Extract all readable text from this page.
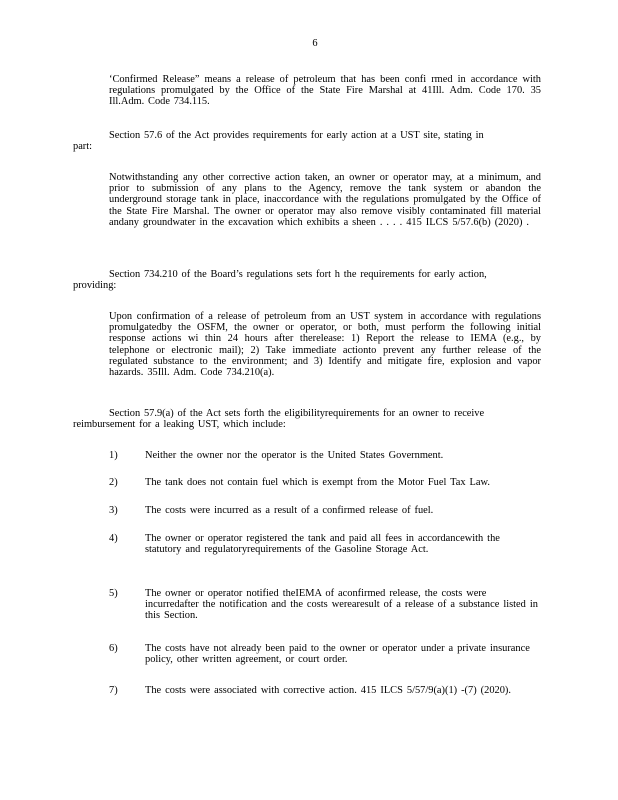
6

‘Confirmed Release” means a release of petroleum that has been confi rmed in accordance with regulations promulgated by the Office of the State Fire Marshal at 41Ill. Adm. Code 170. 35 Ill.Adm. Code 734.115.

Section 57.6 of the Act provides requirements for early action at a UST site, stating in
part:

Notwithstanding any other corrective action taken, an owner or operator may, at a minimum, and prior to submission of any plans to the Agency, remove the tank system or abandon the underground storage tank in place, inaccordance with the regulations promulgated by the Office of the State Fire Marshal. The owner or operator may also remove visibly contaminated fill material andany groundwater in the excavation which exhibits a sheen . . . . 415 ILCS 5/57.6(b) (2020) .

Section 734.210 of the Board’s regulations sets fort h the requirements for early action,
providing:

Upon confirmation of a release of petroleum from an UST system in accordance with regulations promulgatedby the OSFM, the owner or operator, or both, must perform the following initial response actions wi thin 24 hours after therelease: 1) Report the release to IEMA (e.g., by telephone or electronic mail); 2) Take immediate actionto prevent any further release of the regulated substance to the environment; and 3) Identify and mitigate fire, explosion and vapor hazards. 35Ill. Adm. Code 734.210(a).

Section 57.9(a) of the Act sets forth the eligibilityrequirements for an owner to receive
reimbursement for a leaking UST, which include:
1)	Neither the owner nor the operator is the United States Government.
2)	The tank does not contain fuel which is exempt from the Motor Fuel Tax Law.
3)	The costs were incurred as a result of a confirmed release of fuel.
4)	The owner or operator registered the tank and paid all fees in accordancewith the statutory and regulatoryrequirements of the Gasoline Storage Act.
5)	The owner or operator notified theIEMA of aconfirmed release, the costs were incurredafter the notification and the costs werearesult of a release of a substance listed in this Section.
6)	The costs have not already been paid to the owner or operator under a private insurance policy, other written agreement, or court order.
7)	The costs were associated with corrective action. 415 ILCS 5/57/9(a)(1) -(7) (2020).
